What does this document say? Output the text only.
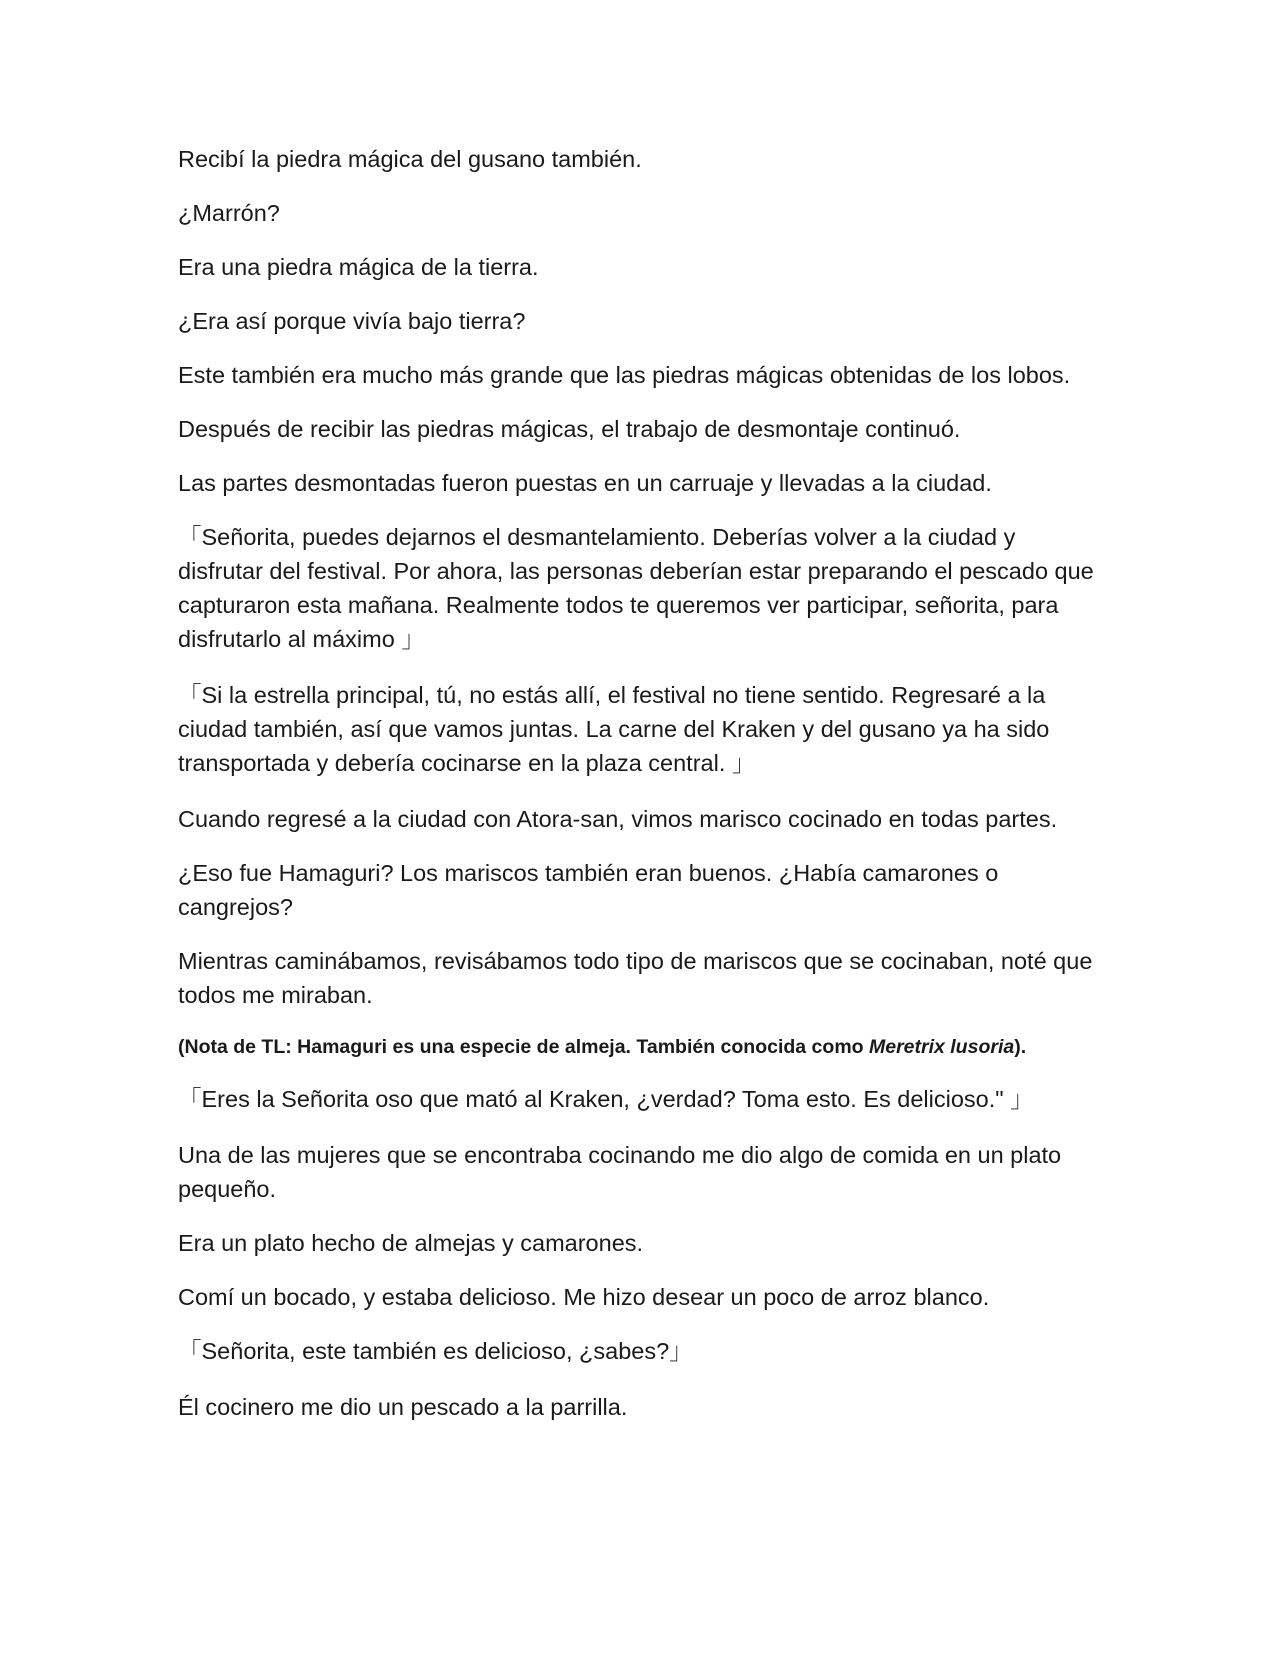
Recibí la piedra mágica del gusano también.

¿Marrón?

Era una piedra mágica de la tierra.

¿Era así porque vivía bajo tierra?

Este también era mucho más grande que las piedras mágicas obtenidas de los lobos.

Después de recibir las piedras mágicas, el trabajo de desmontaje continuó.

Las partes desmontadas fueron puestas en un carruaje y llevadas a la ciudad.

「Señorita, puedes dejarnos el desmantelamiento. Deberías volver a la ciudad y disfrutar del festival. Por ahora, las personas deberían estar preparando el pescado que capturaron esta mañana. Realmente todos te queremos ver participar, señorita, para disfrutarlo al máximo 」

「Si la estrella principal, tú, no estás allí, el festival no tiene sentido. Regresaré a la ciudad también, así que vamos juntas. La carne del Kraken y del gusano ya ha sido transportada y debería cocinarse en la plaza central. 」

Cuando regresé a la ciudad con Atora-san, vimos marisco cocinado en todas partes.

¿Eso fue Hamaguri? Los mariscos también eran buenos. ¿Había camarones o cangrejos?

Mientras caminábamos, revisábamos todo tipo de mariscos que se cocinaban, noté que todos me miraban.

(Nota de TL: Hamaguri es una especie de almeja. También conocida como Meretrix lusoria).

「Eres la Señorita oso que mató al Kraken, ¿verdad? Toma esto. Es delicioso." 」

Una de las mujeres que se encontraba cocinando me dio algo de comida en un plato pequeño.

Era un plato hecho de almejas y camarones.

Comí un bocado, y estaba delicioso. Me hizo desear un poco de arroz blanco.

「Señorita, este también es delicioso, ¿sabes?」

Él cocinero me dio un pescado a la parrilla.
